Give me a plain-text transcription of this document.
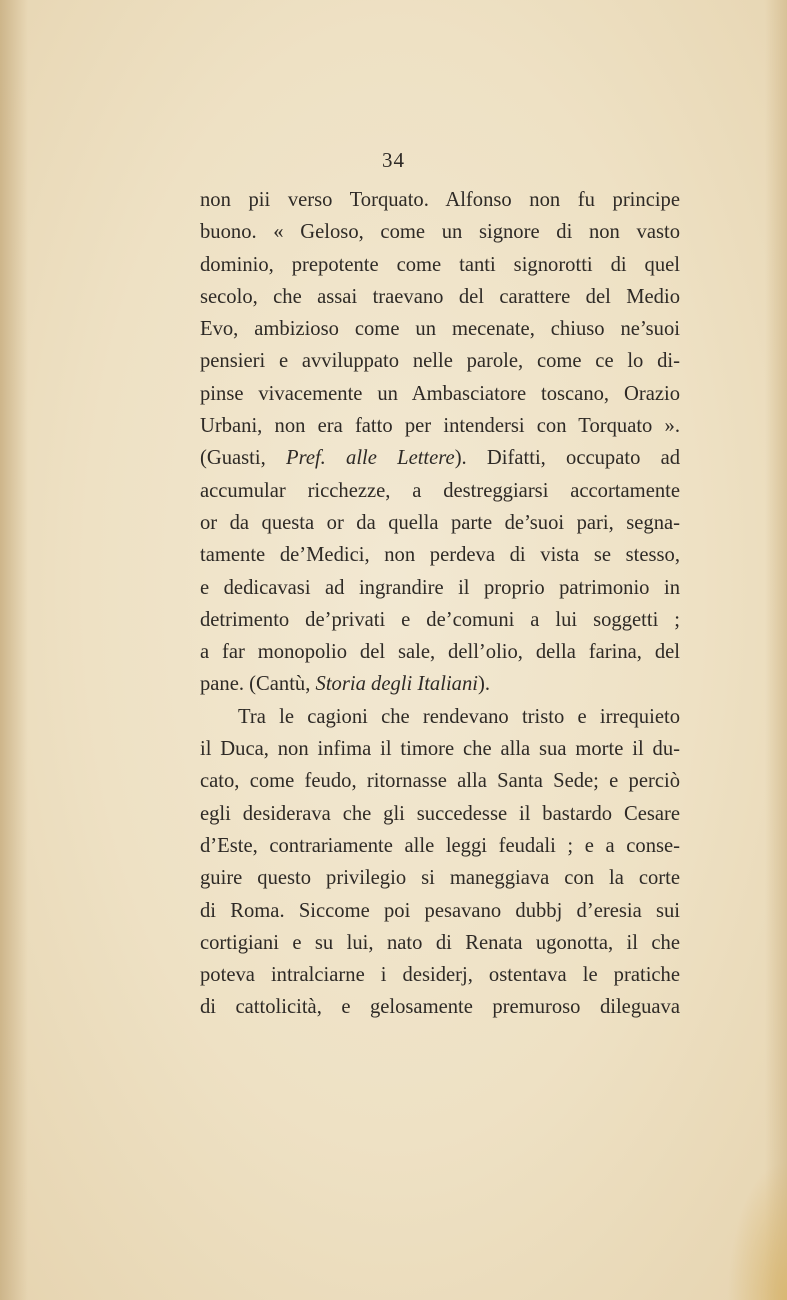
34
non pii verso Torquato. Alfonso non fu principe
buono. « Geloso, come un signore di non vasto
dominio, prepotente come tanti signorotti di quel
secolo, che assai traevano del carattere del Medio
Evo, ambizioso come un mecenate, chiuso ne’suoi
pensieri e avviluppato nelle parole, come ce lo di-
pinse vivacemente un Ambasciatore toscano, Orazio
Urbani, non era fatto per intendersi con Torquato ».
(Guasti, Pref. alle Lettere). Difatti, occupato ad
accumular ricchezze, a destreggiarsi accortamente
or da questa or da quella parte de’suoi pari, segna-
tamente de’Medici, non perdeva di vista se stesso,
e dedicavasi ad ingrandire il proprio patrimonio in
detrimento de’privati e de’comuni a lui soggetti ;
a far monopolio del sale, dell’olio, della farina, del
pane. (Cantù, Storia degli Italiani).
Tra le cagioni che rendevano tristo e irrequieto
il Duca, non infima il timore che alla sua morte il du-
cato, come feudo, ritornasse alla Santa Sede; e perciò
egli desiderava che gli succedesse il bastardo Cesare
d’Este, contrariamente alle leggi feudali ; e a conse-
guire questo privilegio si maneggiava con la corte
di Roma. Siccome poi pesavano dubbj d’eresia sui
cortigiani e su lui, nato di Renata ugonotta, il che
poteva intralciarne i desiderj, ostentava le pratiche
di cattolicità, e gelosamente premuroso dileguava
